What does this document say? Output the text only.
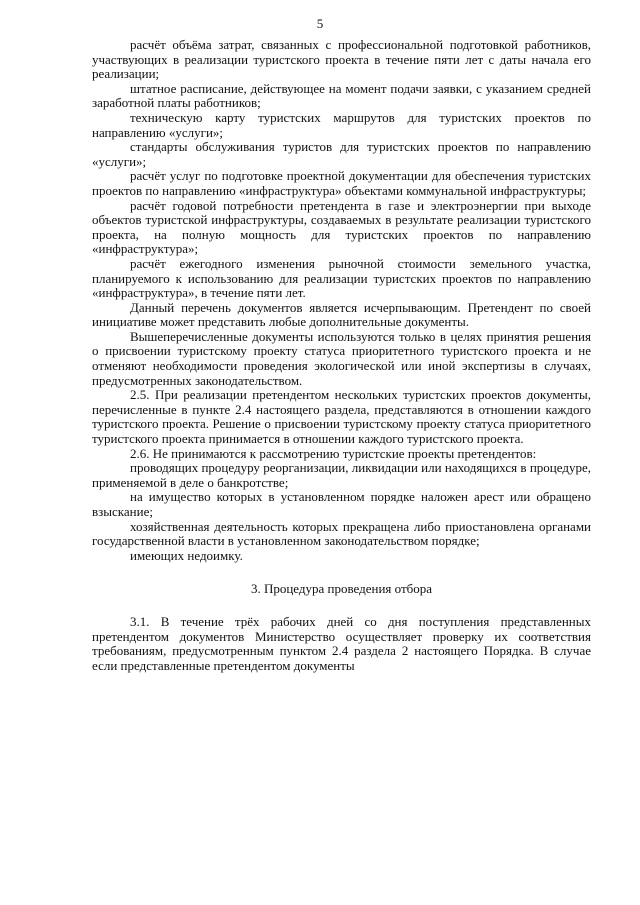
5

расчёт объёма затрат, связанных с профессиональной подготовкой работников, участвующих в реализации туристского проекта в течение пяти лет с даты начала его реализации;

штатное расписание, действующее на момент подачи заявки, с указанием средней заработной платы работников;

техническую карту туристских маршрутов для туристских проектов по направлению «услуги»;

стандарты обслуживания туристов для туристских проектов по направлению «услуги»;

расчёт услуг по подготовке проектной документации для обеспечения туристских проектов по направлению «инфраструктура» объектами коммунальной инфраструктуры;

расчёт годовой потребности претендента в газе и электроэнергии при выходе объектов туристской инфраструктуры, создаваемых в результате реализации туристского проекта, на полную мощность для туристских проектов по направлению «инфраструктура»;

расчёт ежегодного изменения рыночной стоимости земельного участка, планируемого к использованию для реализации туристских проектов по направлению «инфраструктура», в течение пяти лет.

Данный перечень документов является исчерпывающим. Претендент по своей инициативе может представить любые дополнительные документы.

Вышеперечисленные документы используются только в целях принятия решения о присвоении туристскому проекту статуса приоритетного туристского проекта и не отменяют необходимости проведения экологической или иной экспертизы в случаях, предусмотренных законодательством.

2.5. При реализации претендентом нескольких туристских проектов документы, перечисленные в пункте 2.4 настоящего раздела, представляются в отношении каждого туристского проекта. Решение о присвоении туристскому проекту статуса приоритетного туристского проекта принимается в отношении каждого туристского проекта.

2.6. Не принимаются к рассмотрению туристские проекты претендентов:

проводящих процедуру реорганизации, ликвидации или находящихся в процедуре, применяемой в деле о банкротстве;

на имущество которых в установленном порядке наложен арест или обращено взыскание;

хозяйственная деятельность которых прекращена либо приостановлена органами государственной власти в установленном законодательством порядке;

имеющих недоимку.

3. Процедура проведения отбора

3.1. В течение трёх рабочих дней со дня поступления представленных претендентом документов Министерство осуществляет проверку их соответствия требованиям, предусмотренным пунктом 2.4 раздела 2 настоящего Порядка. В случае если представленные претендентом документы
